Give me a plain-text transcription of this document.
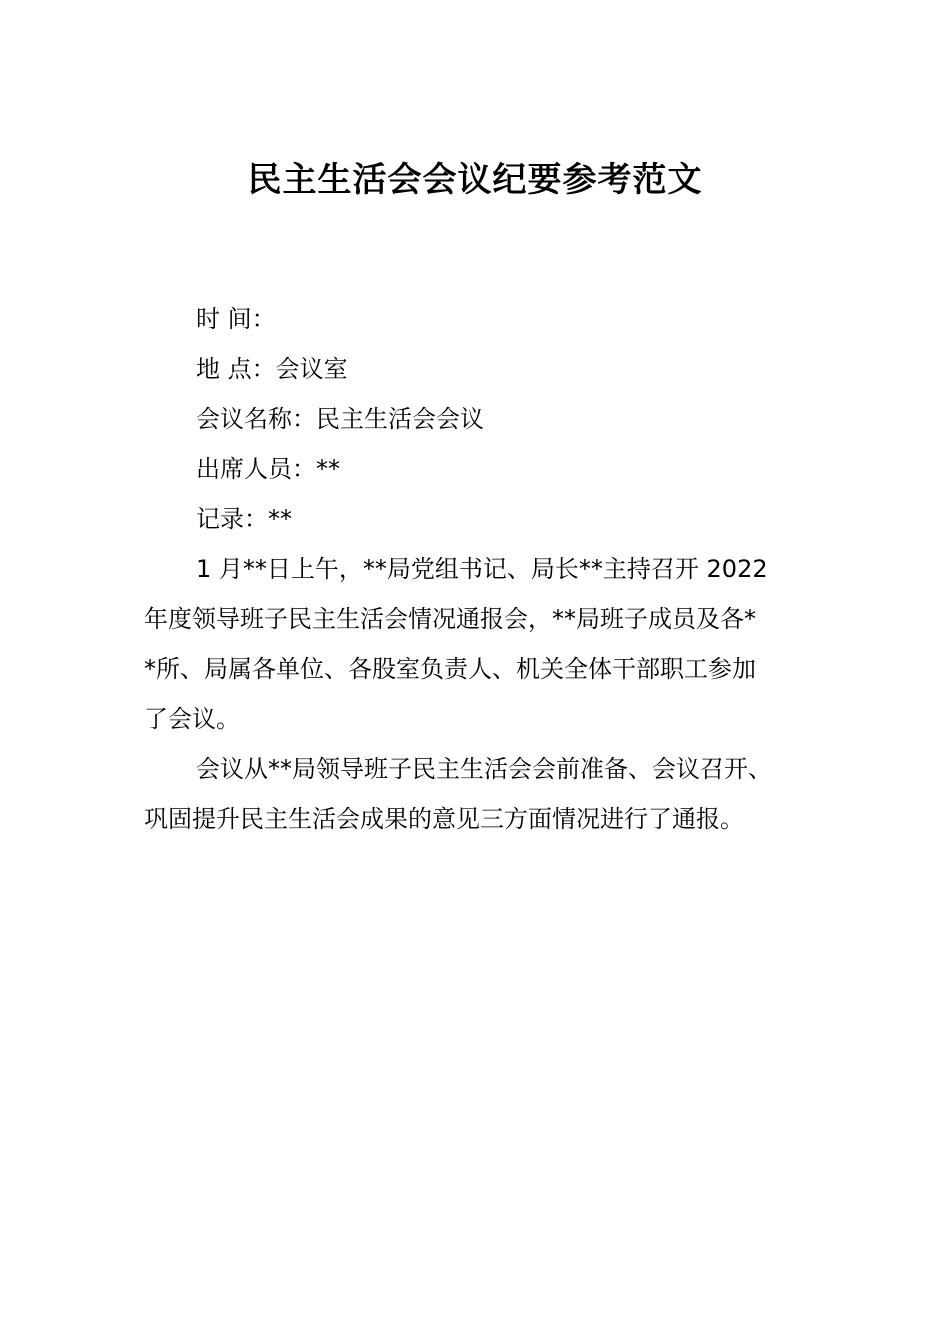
民主生活会会议纪要参考范文
时 间：
地 点：会议室
会议名称：民主生活会会议
出席人员：**
记录：**
1 月**日上午，**局党组书记、局长**主持召开 2022
年度领导班子民主生活会情况通报会，**局班子成员及各*
*所、局属各单位、各股室负责人、机关全体干部职工参加
了会议。
会议从**局领导班子民主生活会会前准备、会议召开、
巩固提升民主生活会成果的意见三方面情况进行了通报。
